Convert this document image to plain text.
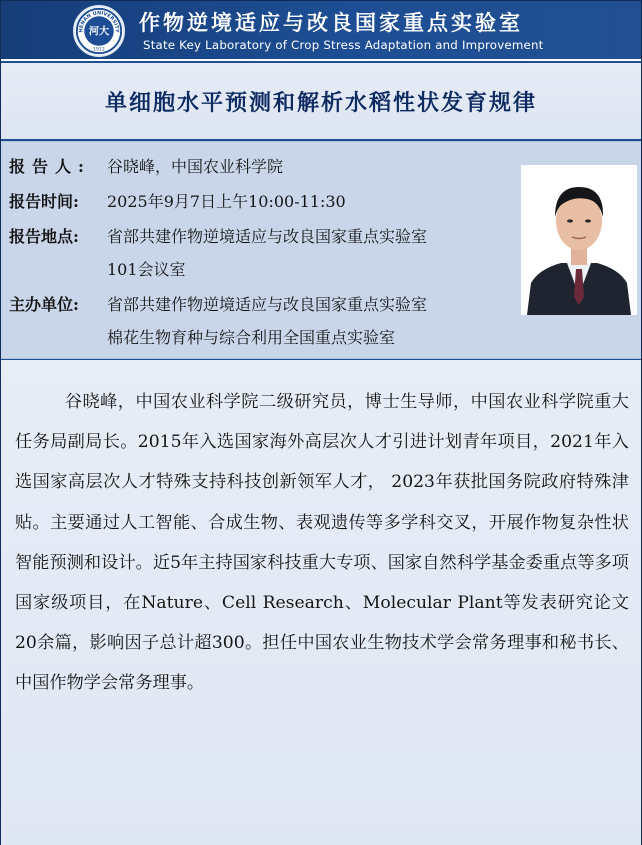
HENAN UNIVERSITY
河大
1912
作物逆境适应与改良国家重点实验室
State Key Laboratory of Crop Stress Adaptation and Improvement
单细胞水平预测和解析水稻性状发育规律
报告人: 谷晓峰，中国农业科学院
报告时间: 2025年9月7日上午10:00-11:30
报告地点: 省部共建作物逆境适应与改良国家重点实验室
101会议室
主办单位: 省部共建作物逆境适应与改良国家重点实验室
棉花生物育种与综合利用全国重点实验室

谷晓峰，中国农业科学院二级研究员，博士生导师，中国农业科学院重大任务局副局长。2015年入选国家海外高层次人才引进计划青年项目，2021年入选国家高层次人才特殊支持科技创新领军人才， 2023年获批国务院政府特殊津贴。主要通过人工智能、合成生物、表观遗传等多学科交叉，开展作物复杂性状智能预测和设计。近5年主持国家科技重大专项、国家自然科学基金委重点等多项国家级项目，在Nature、Cell Research、Molecular Plant等发表研究论文20余篇，影响因子总计超300。担任中国农业生物技术学会常务理事和秘书长、中国作物学会常务理事。
